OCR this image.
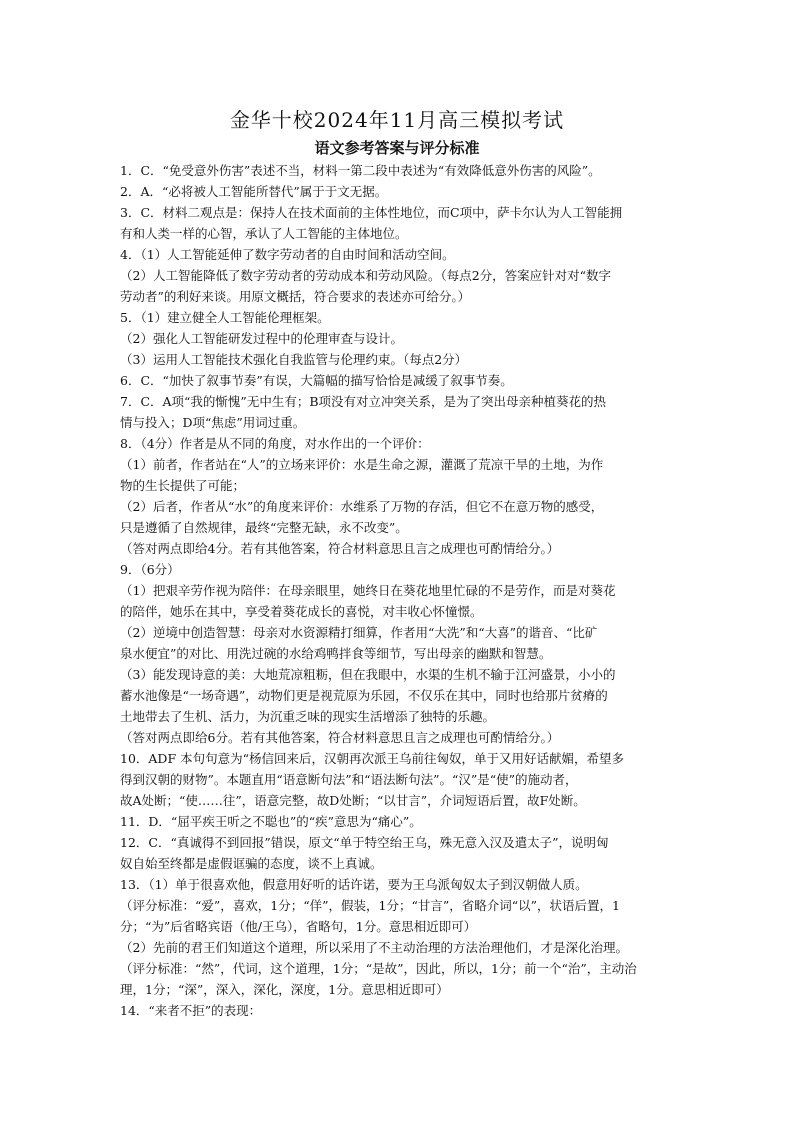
金华十校2024年11月高三模拟考试
语文参考答案与评分标准
1．C．“免受意外伤害”表述不当，材料一第二段中表述为“有效降低意外伤害的风险”。
2．A．“必将被人工智能所替代”属于于文无据。
3．C．材料二观点是：保持人在技术面前的主体性地位，而C项中，萨卡尔认为人工智能拥
有和人类一样的心智，承认了人工智能的主体地位。
4．（1）人工智能延伸了数字劳动者的自由时间和活动空间。
（2）人工智能降低了数字劳动者的劳动成本和劳动风险。（每点2分，答案应针对对“数字
劳动者”的利好来谈。用原文概括，符合要求的表述亦可给分。）
5．（1）建立健全人工智能伦理框架。
（2）强化人工智能研发过程中的伦理审查与设计。
（3）运用人工智能技术强化自我监管与伦理约束。（每点2分）
6．C．“加快了叙事节奏”有误，大篇幅的描写恰恰是减缓了叙事节奏。
7．C．A项“我的惭愧”无中生有；B项没有对立冲突关系，是为了突出母亲种植葵花的热
情与投入；D项“焦虑”用词过重。
8．（4分）作者是从不同的角度，对水作出的一个评价：
（1）前者，作者站在“人”的立场来评价：水是生命之源，灌溉了荒凉干旱的土地，为作
物的生长提供了可能；
（2）后者，作者从“水”的角度来评价：水维系了万物的存活，但它不在意万物的感受，
只是遵循了自然规律，最终“完整无缺，永不改变”。
（答对两点即给4分。若有其他答案，符合材料意思且言之成理也可酌情给分。）
9．（6分）
（1）把艰辛劳作视为陪伴：在母亲眼里，她终日在葵花地里忙碌的不是劳作，而是对葵花
的陪伴，她乐在其中，享受着葵花成长的喜悦，对丰收心怀憧憬。
（2）逆境中创造智慧：母亲对水资源精打细算，作者用“大洗”和“大喜”的谐音、“比矿
泉水便宜”的对比、用洗过碗的水给鸡鸭拌食等细节，写出母亲的幽默和智慧。
（3）能发现诗意的美：大地荒凉粗粝，但在我眼中，水渠的生机不输于江河盛景，小小的
蓄水池像是“一场奇遇”，动物们更是视荒原为乐园，不仅乐在其中，同时也给那片贫瘠的
土地带去了生机、活力，为沉重乏味的现实生活增添了独特的乐趣。
（答对两点即给6分。若有其他答案，符合材料意思且言之成理也可酌情给分。）
10．ADF 本句句意为“杨信回来后，汉朝再次派王乌前往匈奴，单于又用好话献媚，希望多
得到汉朝的财物”。本题直用“语意断句法”和“语法断句法”。“汉”是“使”的施动者，
故A处断；“使……往”，语意完整，故D处断；“以甘言”，介词短语后置，故F处断。
11．D．“屈平疾王听之不聪也”的“疾”意思为“痛心”。
12．C．“真诚得不到回报”错误，原文“单于特空绐王乌，殊无意入汉及遣太子”，说明匈
奴自始至终都是虚假诓骗的态度，谈不上真诚。
13．（1）单于很喜欢他，假意用好听的话许诺，要为王乌派匈奴太子到汉朝做人质。
（评分标准：“爱”，喜欢，1分；“佯”，假装，1分；“甘言”，省略介词“以”，状语后置，1
分；“为”后省略宾语（他/王乌），省略句，1分。意思相近即可）
（2）先前的君王们知道这个道理，所以采用了不主动治理的方法治理他们，才是深化治理。
（评分标准：“然”，代词，这个道理，1分；“是故”，因此，所以，1分；前一个“治”，主动治
理，1分；“深”，深入，深化，深度，1分。意思相近即可）
14．“来者不拒”的表现：
